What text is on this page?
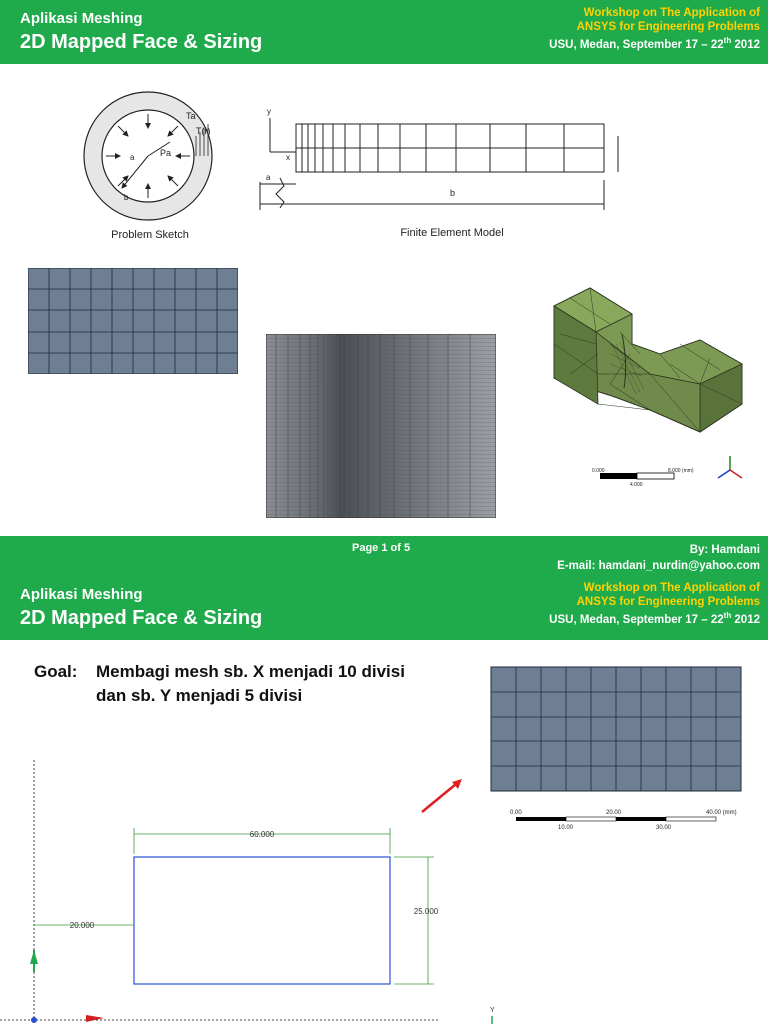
Aplikasi Meshing
2D Mapped Face & Sizing
Workshop on The Application of
ANSYS for Engineering Problems
USU, Medan, September 17 – 22th 2012
Ta
T(r)
Pa
a
b
Problem Sketch
y
x
a
b
Finite Element Model
0.000	8.000 (mm)
4.000
Page 1 of 5	By: Hamdani
E-mail: hamdani_nurdin@yahoo.com
Aplikasi Meshing
2D Mapped Face & Sizing
Workshop on The Application of
ANSYS for Engineering Problems
USU, Medan, September 17 – 22th 2012
Goal: Membagi mesh sb. X menjadi 10 divisi dan sb. Y menjadi 5 divisi
0.00	20.00	40.00 (mm)
10.00	30.00
60.000
20.000
25.000
Y
